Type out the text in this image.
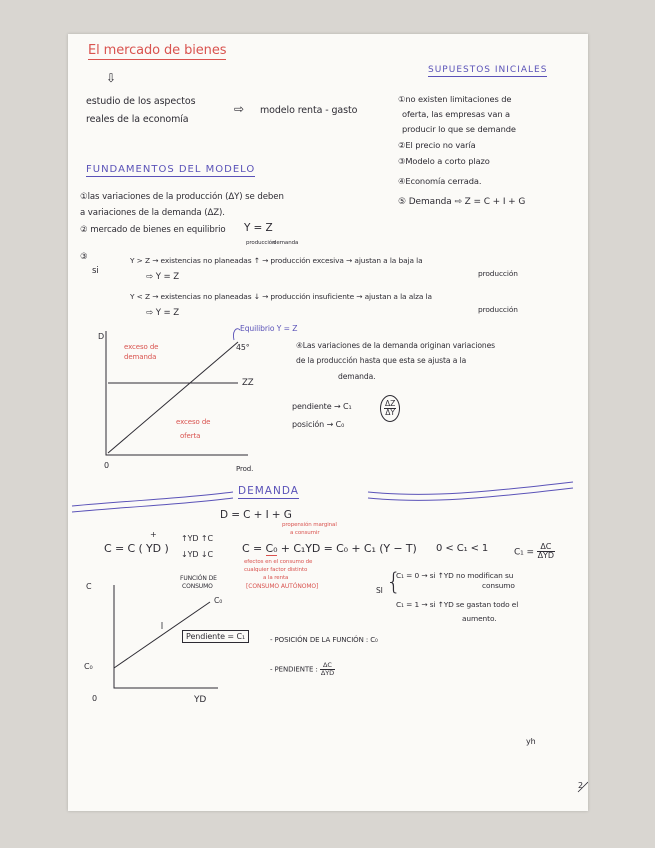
El mercado de bienes
⇩
estudio de los aspectos
reales de la economía
⇨ modelo renta - gasto
SUPUESTOS INICIALES
①no existen limitaciones de
oferta, las empresas van a
producir lo que se demande
②El precio no varía
③Modelo a corto plazo
④Economía cerrada.
⑤ Demanda ⇨ Z = C + I + G
FUNDAMENTOS DEL MODELO
①las variaciones de la producción (ΔY) se deben
a variaciones de la demanda (ΔZ).
② mercado de bienes en equilibrio Y = Z
producción
demanda
③
si
Y > Z → existencias no planeadas ↑ → producción excesiva → ajustan a la baja la
producción
⇨ Y = Z
Y < Z → existencias no planeadas ↓ → producción insuficiente → ajustan a la alza la
producción
⇨ Y = Z
D
Prod.
0
Equilibrio Y = Z
45°
ZZ
exceso de
demanda
exceso de
oferta
④Las variaciones de la demanda originan variaciones
de la producción hasta que esta se ajusta a la
demanda.
pendiente → C₁
posición → C₀
$\frac{\Delta Z}{\Delta Y}$
DEMANDA
D = C + I + G
C = C ( YD )
+	↑YD ↑C
↓YD ↓C	C = C₀ + C₁YD = C₀ + C₁ (Y − T)
propensión marginal
a consumir
0 < C₁ < 1	$C_1 = \frac{\Delta C}{\text{ΔYD}}$
efectos en el consumo de
cualquier factor distinto
a la renta
[CONSUMO AUTÓNOMO]	SI {
C₁ = 0 → si ↑YD no modifican su
consumo
C₁ = 1 → si ↑YD se gastan todo el
aumento.
C
YD
0
C₀
FUNCIÓN DE
CONSUMO
C₀
Pendiente = C₁	- POSICIÓN DE LA FUNCIÓN : C₀
- PENDIENTE : $\frac{\Delta C}{\text{ΔYD}}$
yh
2
